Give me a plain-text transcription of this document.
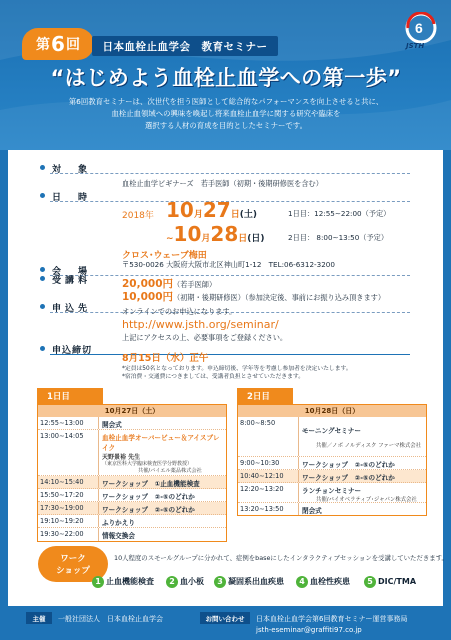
第 6 回	日本血栓止血学会　教育セミナー
6
JSTH
“はじめよう血栓止血学への第一歩”
第6回教育セミナーは、次世代を担う医師として総合的なパフォーマンスを向上させると共に、
血栓止血領域への興味を喚起し将来血栓止血学に関する研究や臨床を
選択する人材の育成を目的としたセミナーです。
対　象
血栓止血学ビギナーズ　若手医師（初期・後期研修医を含む）
日　時
2018年 10月27日(土)	1日目：12:55∼22:00（予定）
∼10月28日(日)	2日目： 8:00∼13:50（予定）
会　場
クロス･ウェーブ梅田
〒530-0026 大阪府大阪市北区神山町1-12　TEL:06-6312-3200
受講料	20,000円（若手医師）
10,000円（初期・後期研修医）（参加決定後、事前にお振り込み頂きます）
申込先	オンラインでのお申込になります。
http://www.jsth.org/seminar/
上記にアクセスの上、必要事項をご登録ください。
申込締切
8月15日（水）正午
*定員は50名となっております。申込締切後、学年等を考慮し参加者を決定いたします。
*宿泊費・交通費につきましては、受講者負担とさせていただきます。
1日目
10月27日（土）
12:55∼13:00	開会式
13:00∼14:05	血栓止血学オーバービュー＆アイスブレイク
天野景裕 先生
（東京医科大学臨床検査医学分野教授）
共催/バイエル薬品株式会社
14:10∼15:40	ワークショップ　①止血機能検査
15:50∼17:20	ワークショップ　②-⑤のどれか
17:30∼19:00	ワークショップ　②-⑤のどれか
19:10∼19:20	ふりかえり
19:30∼22:00	情報交換会
2日目
10月28日（日）
8:00∼8:50
モーニングセミナー
共催／ノボ ノルディスク ファーマ株式会社
9:00∼10:30	ワークショップ　②-⑤のどれか
10:40∼12:10	ワークショップ　②-⑤のどれか
12:20∼13:20	ランチョンセミナー
共催/バイオベラティブ･ジャパン株式会社
13:20∼13:50	閉会式
ワーク
ショップ
10人程度のスモールグループに分かれて、症例をbaseにしたインタラクティブセッションを受講していただきます。
1 止血機能検査	2 血小板	3 凝固系出血疾患	4 血栓性疾患	5 DIC/TMA
主催	一般社団法人　日本血栓止血学会	お問い合わせ	日本血栓止血学会第6回教育セミナー運営事務局
jsth-eseminar@graffiti97.co.jp
